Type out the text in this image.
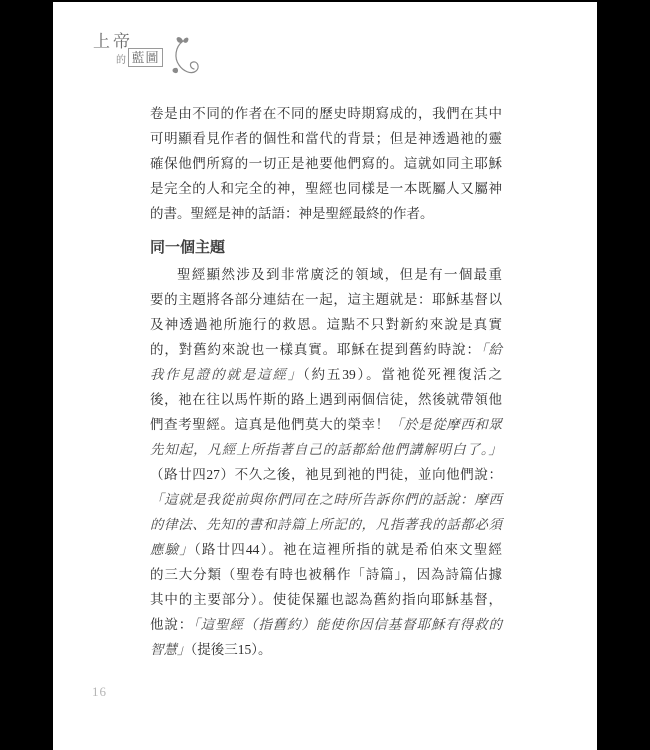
上帝
的 藍圖
卷是由不同的作者在不同的歷史時期寫成的，我們在其中
可明顯看見作者的個性和當代的背景；但是神透過祂的靈
確保他們所寫的一切正是祂要他們寫的。這就如同主耶穌
是完全的人和完全的神，聖經也同樣是一本既屬人又屬神
的書。聖經是神的話語：神是聖經最終的作者。
同一個主題
聖經顯然涉及到非常廣泛的領域，但是有一個最重
要的主題將各部分連結在一起，這主題就是：耶穌基督以
及神透過祂所施行的救恩。這點不只對新約來說是真實
的，對舊約來說也一樣真實。耶穌在提到舊約時說：「給
我作見證的就是這經」（約五39）。當祂從死裡復活之
後，祂在往以馬忤斯的路上遇到兩個信徒，然後就帶領他
們查考聖經。這真是他們莫大的榮幸！「於是從摩西和眾
先知起，凡經上所指著自己的話都給他們講解明白了。」
（路廿四27）不久之後，祂見到祂的門徒，並向他們說：
「這就是我從前與你們同在之時所告訴你們的話說：摩西
的律法、先知的書和詩篇上所記的，凡指著我的話都必須
應驗」（路廿四44）。祂在這裡所指的就是希伯來文聖經
的三大分類（聖卷有時也被稱作「詩篇」，因為詩篇佔據
其中的主要部分）。使徒保羅也認為舊約指向耶穌基督，
他說：「這聖經（指舊約）能使你因信基督耶穌有得救的
智慧」（提後三15）。
16
